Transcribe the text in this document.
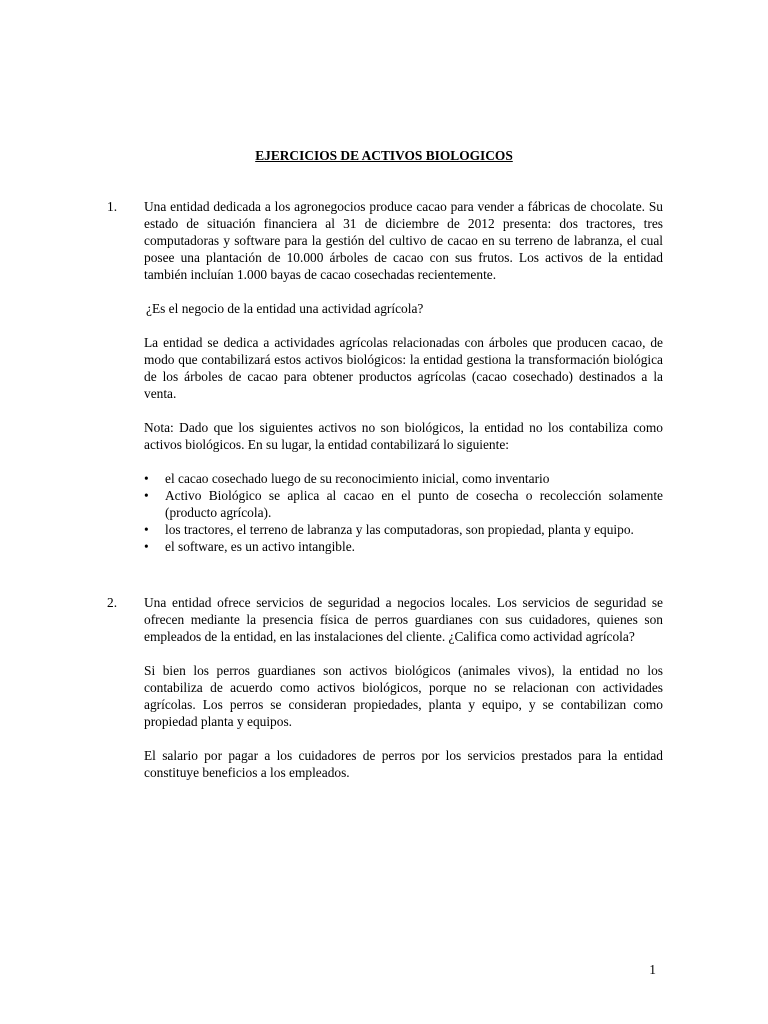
EJERCICIOS DE ACTIVOS BIOLOGICOS
1.	Una entidad dedicada a los agronegocios produce cacao para vender a fábricas de chocolate. Su estado de situación financiera al 31 de diciembre de 2012 presenta: dos tractores, tres computadoras y software para la gestión del cultivo de cacao en su terreno de labranza, el cual posee una plantación de 10.000 árboles de cacao con sus frutos. Los activos de la entidad también incluían 1.000 bayas de cacao cosechadas recientemente.

¿Es el negocio de la entidad una actividad agrícola?

La entidad se dedica a actividades agrícolas relacionadas con árboles que producen cacao, de modo que contabilizará estos activos biológicos: la entidad gestiona la transformación biológica de los árboles de cacao para obtener productos agrícolas (cacao cosechado) destinados a la venta.

Nota: Dado que los siguientes activos no son biológicos, la entidad no los contabiliza como activos biológicos. En su lugar, la entidad contabilizará lo siguiente:

• el cacao cosechado luego de su reconocimiento inicial, como inventario
• Activo Biológico se aplica al cacao en el punto de cosecha o recolección solamente (producto agrícola).
• los tractores, el terreno de labranza y las computadoras, son propiedad, planta y equipo.
• el software, es un activo intangible.
2.	Una entidad ofrece servicios de seguridad a negocios locales. Los servicios de seguridad se ofrecen mediante la presencia física de perros guardianes con sus cuidadores, quienes son empleados de la entidad, en las instalaciones del cliente. ¿Califica como actividad agrícola?

Si bien los perros guardianes son activos biológicos (animales vivos), la entidad no los contabiliza de acuerdo como activos biológicos, porque no se relacionan con actividades agrícolas. Los perros se consideran propiedades, planta y equipo, y se contabilizan como propiedad planta y equipos.

El salario por pagar a los cuidadores de perros por los servicios prestados para la entidad constituye beneficios a los empleados.

1
